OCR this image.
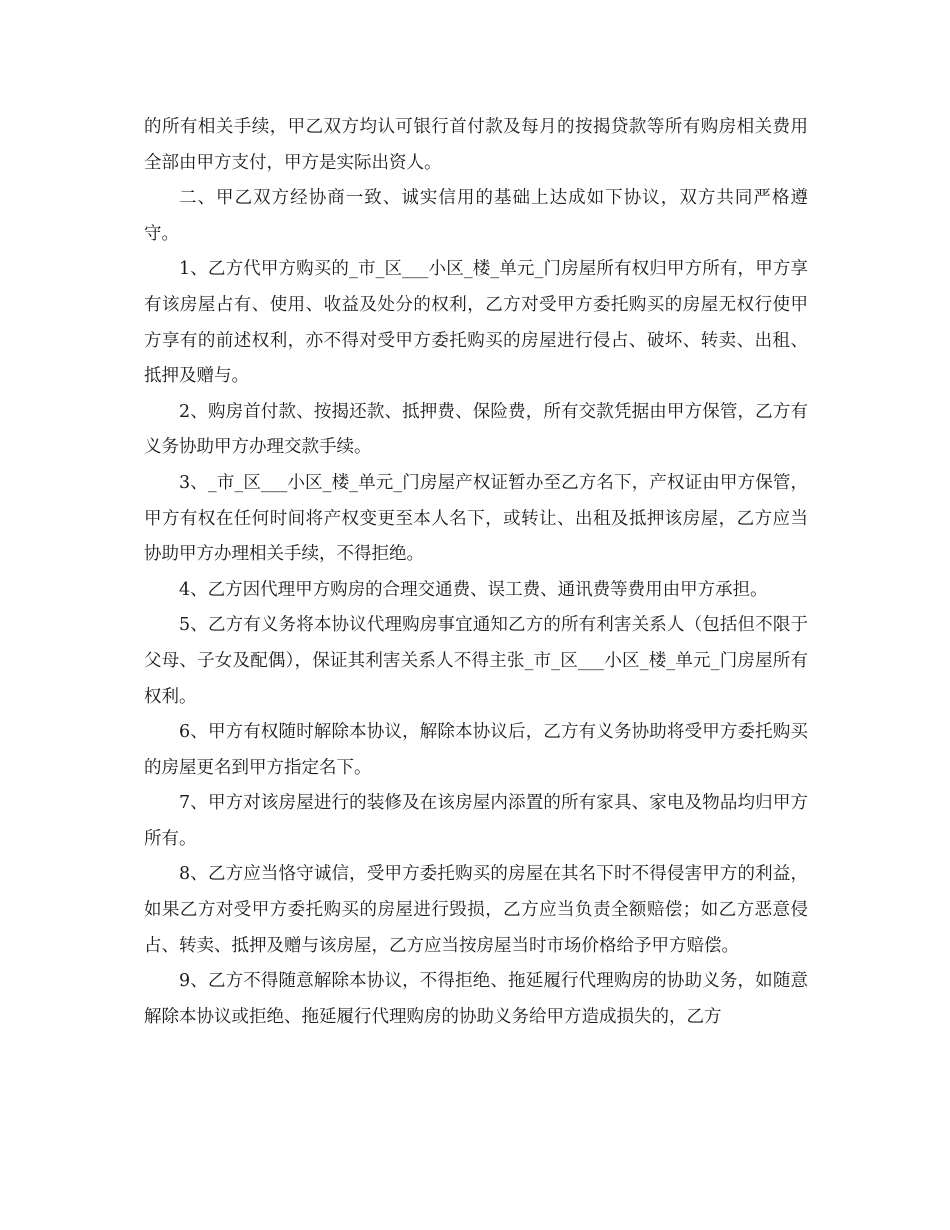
的所有相关手续，甲乙双方均认可银行首付款及每月的按揭贷款等所有购房相关费用全部由甲方支付，甲方是实际出资人。

二、甲乙双方经协商一致、诚实信用的基础上达成如下协议，双方共同严格遵守。

1、乙方代甲方购买的_市_区___小区_楼_单元_门房屋所有权归甲方所有，甲方享有该房屋占有、使用、收益及处分的权利，乙方对受甲方委托购买的房屋无权行使甲方享有的前述权利，亦不得对受甲方委托购买的房屋进行侵占、破坏、转卖、出租、抵押及赠与。

2、购房首付款、按揭还款、抵押费、保险费，所有交款凭据由甲方保管，乙方有义务协助甲方办理交款手续。

3、_市_区___小区_楼_单元_门房屋产权证暂办至乙方名下，产权证由甲方保管，甲方有权在任何时间将产权变更至本人名下，或转让、出租及抵押该房屋，乙方应当协助甲方办理相关手续，不得拒绝。

4、乙方因代理甲方购房的合理交通费、误工费、通讯费等费用由甲方承担。

5、乙方有义务将本协议代理购房事宜通知乙方的所有利害关系人（包括但不限于父母、子女及配偶），保证其利害关系人不得主张_市_区___小区_楼_单元_门房屋所有权利。

6、甲方有权随时解除本协议，解除本协议后，乙方有义务协助将受甲方委托购买的房屋更名到甲方指定名下。

7、甲方对该房屋进行的装修及在该房屋内添置的所有家具、家电及物品均归甲方所有。

8、乙方应当恪守诚信，受甲方委托购买的房屋在其名下时不得侵害甲方的利益，如果乙方对受甲方委托购买的房屋进行毁损，乙方应当负责全额赔偿；如乙方恶意侵占、转卖、抵押及赠与该房屋，乙方应当按房屋当时市场价格给予甲方赔偿。

9、乙方不得随意解除本协议，不得拒绝、拖延履行代理购房的协助义务，如随意解除本协议或拒绝、拖延履行代理购房的协助义务给甲方造成损失的，乙方
